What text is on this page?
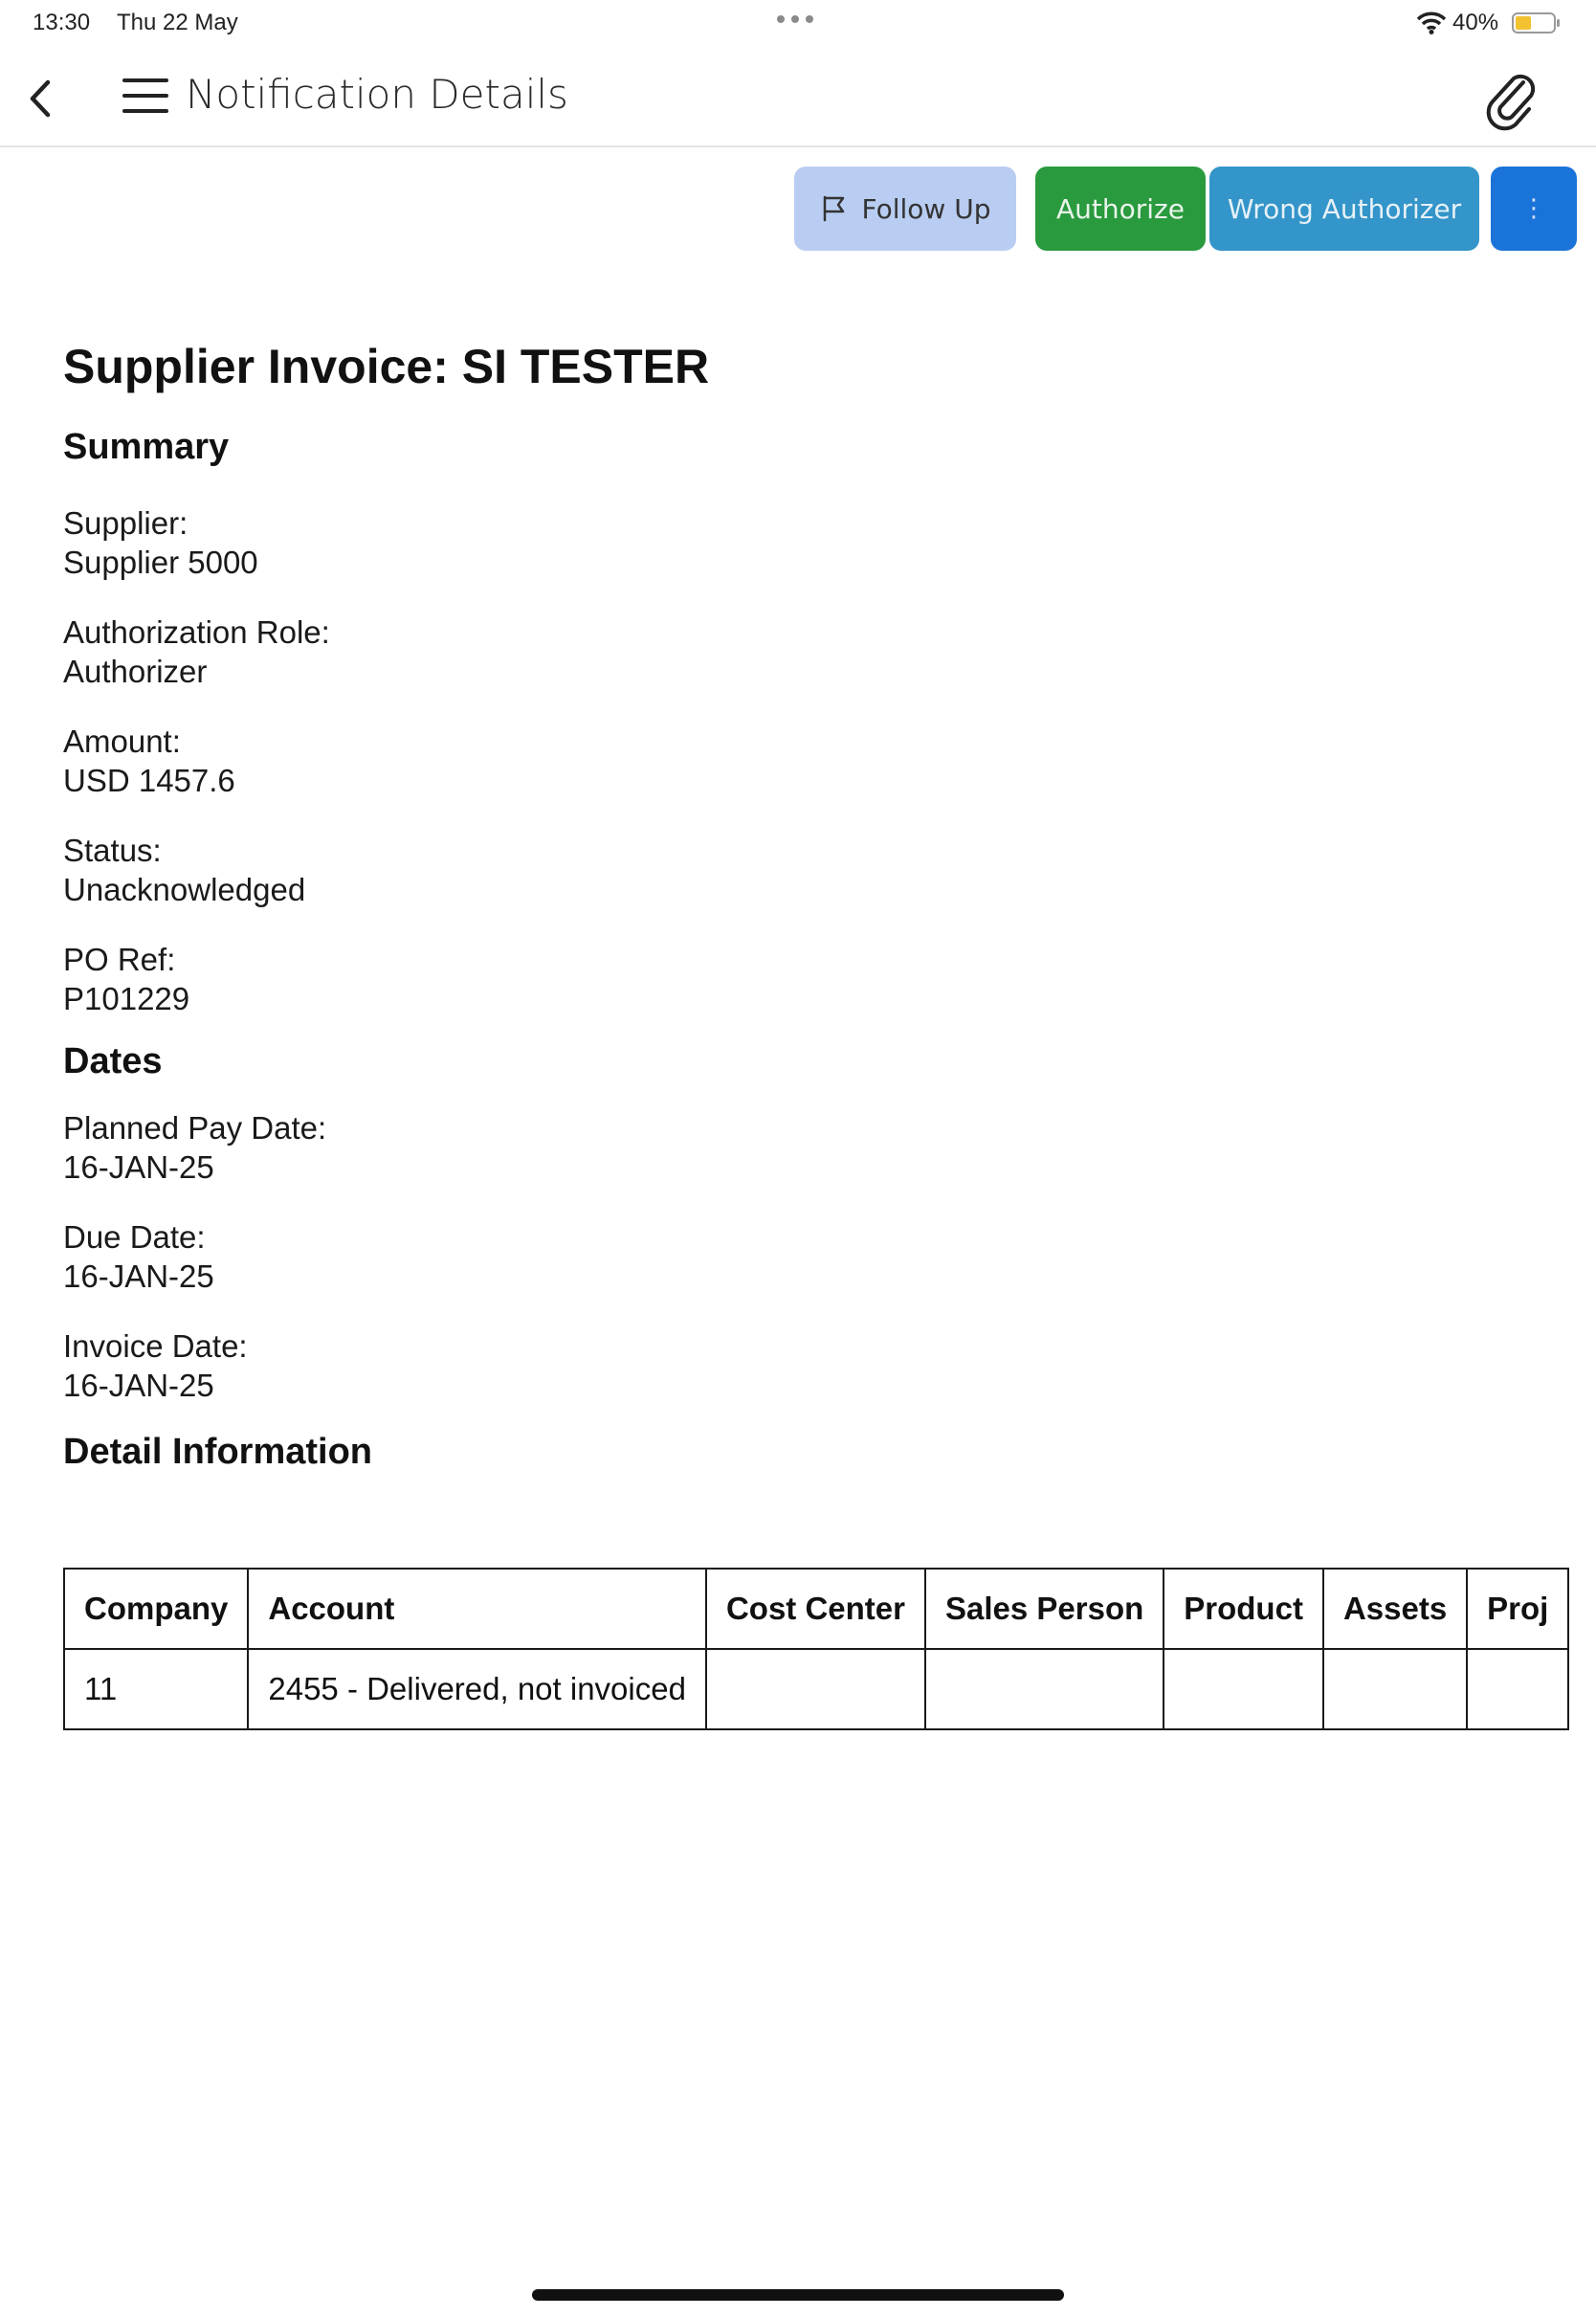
13:30 Thu 22 May	40%
Notification Details
Follow Up	Authorize	Wrong Authorizer	⋮
Supplier Invoice: SI TESTER
Summary
Supplier:
Supplier 5000
Authorization Role:
Authorizer
Amount:
USD 1457.6
Status:
Unacknowledged
PO Ref:
P101229
Dates
Planned Pay Date:
16-JAN-25
Due Date:
16-JAN-25
Invoice Date:
16-JAN-25
Detail Information
Company	Account	Cost Center	Sales Person	Product	Assets	Proj
11	2455 - Delivered, not invoiced					
